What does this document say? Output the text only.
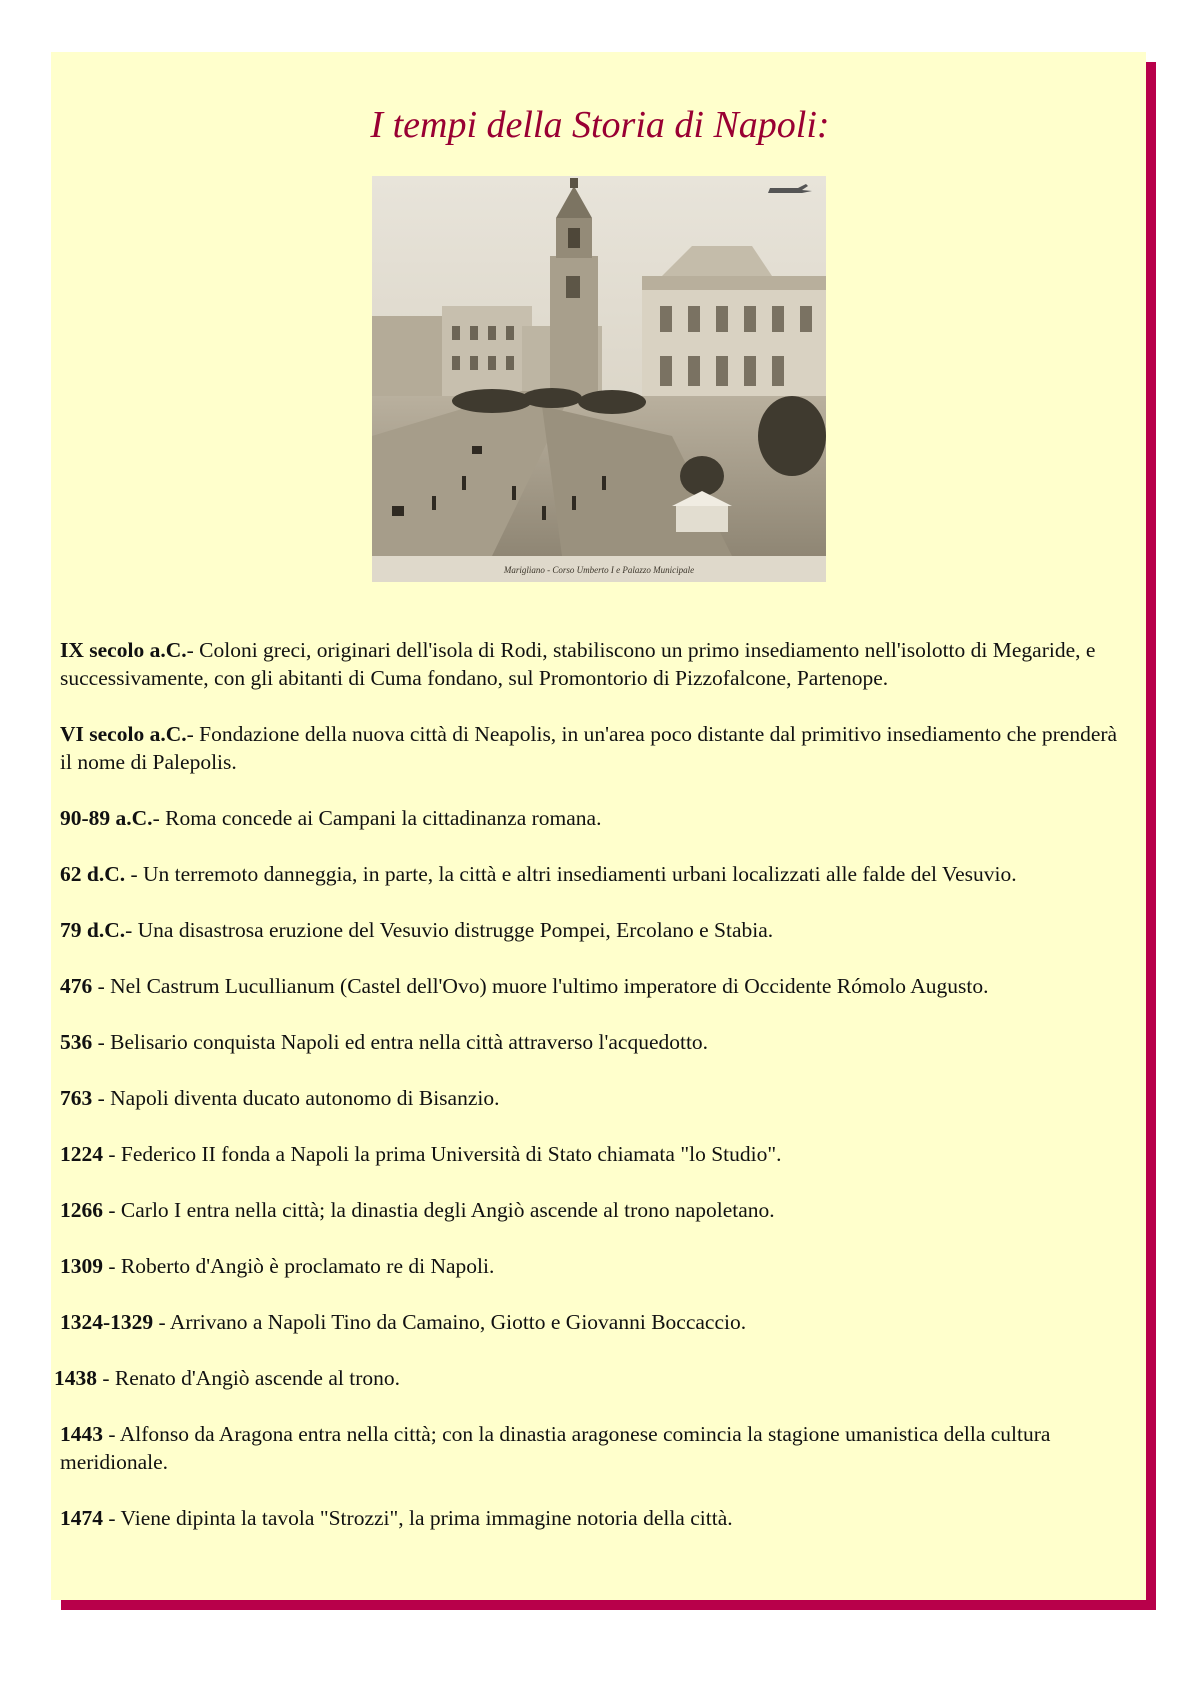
I tempi della Storia di Napoli:
Marigliano - Corso Umberto I e Palazzo Municipale

IX secolo a.C.- Coloni greci, originari dell'isola di Rodi, stabiliscono un primo insediamento nell'isolotto di Megaride, e successivamente, con gli abitanti di Cuma fondano, sul Promontorio di Pizzofalcone, Partenope.

VI secolo a.C.- Fondazione della nuova città di Neapolis, in un'area poco distante dal primitivo insediamento che prenderà il nome di Palepolis.

90-89 a.C.- Roma concede ai Campani la cittadinanza romana.

62 d.C. - Un terremoto danneggia, in parte, la città e altri insediamenti urbani localizzati alle falde del Vesuvio.

79 d.C.- Una disastrosa eruzione del Vesuvio distrugge Pompei, Ercolano e Stabia.

476 - Nel Castrum Lucullianum (Castel dell'Ovo) muore l'ultimo imperatore di Occidente Rómolo Augusto.

536 - Belisario conquista Napoli ed entra nella città attraverso l'acquedotto.

763 - Napoli diventa ducato autonomo di Bisanzio.

1224 - Federico II fonda a Napoli la prima Università di Stato chiamata "lo Studio".

1266 - Carlo I entra nella città; la dinastia degli Angiò ascende al trono napoletano.

1309 - Roberto d'Angiò è proclamato re di Napoli.

1324-1329 - Arrivano a Napoli Tino da Camaino, Giotto e Giovanni Boccaccio.

1438 - Renato d'Angiò ascende al trono.

1443 - Alfonso da Aragona entra nella città; con la dinastia aragonese comincia la stagione umanistica della cultura meridionale.

1474 - Viene dipinta la tavola "Strozzi", la prima immagine notoria della città.
